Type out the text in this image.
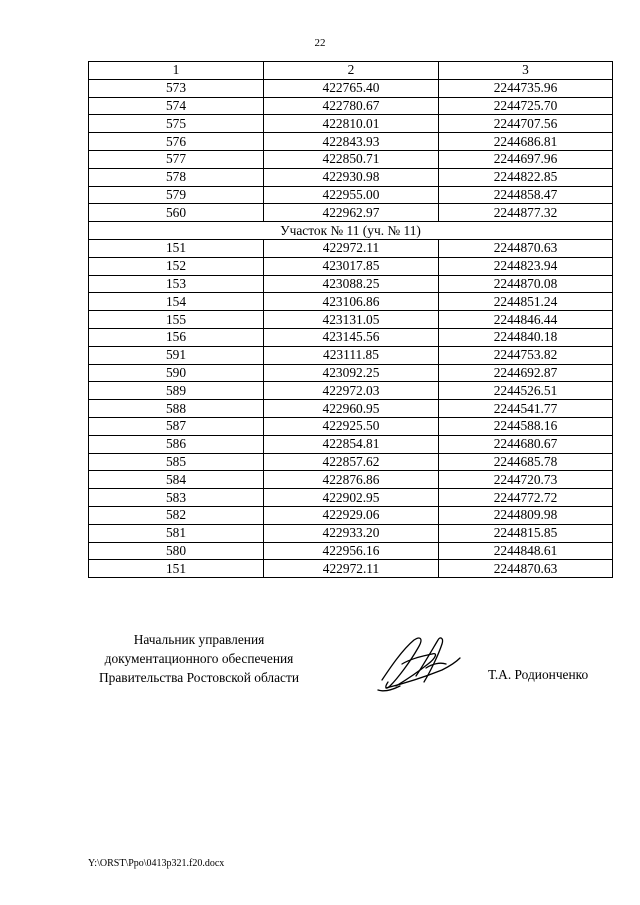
22
1	2	3
573	422765.40	2244735.96
574	422780.67	2244725.70
575	422810.01	2244707.56
576	422843.93	2244686.81
577	422850.71	2244697.96
578	422930.98	2244822.85
579	422955.00	2244858.47
560	422962.97	2244877.32
Участок № 11 (уч. № 11)		
151	422972.11	2244870.63
152	423017.85	2244823.94
153	423088.25	2244870.08
154	423106.86	2244851.24
155	423131.05	2244846.44
156	423145.56	2244840.18
591	423111.85	2244753.82
590	423092.25	2244692.87
589	422972.03	2244526.51
588	422960.95	2244541.77
587	422925.50	2244588.16
586	422854.81	2244680.67
585	422857.62	2244685.78
584	422876.86	2244720.73
583	422902.95	2244772.72
582	422929.06	2244809.98
581	422933.20	2244815.85
580	422956.16	2244848.61
151	422972.11	2244870.63
Начальник управления
документационного обеспечения
Правительства Ростовской области	Т.А. Родионченко
Y:\ORST\Ppo\0413p321.f20.docx
